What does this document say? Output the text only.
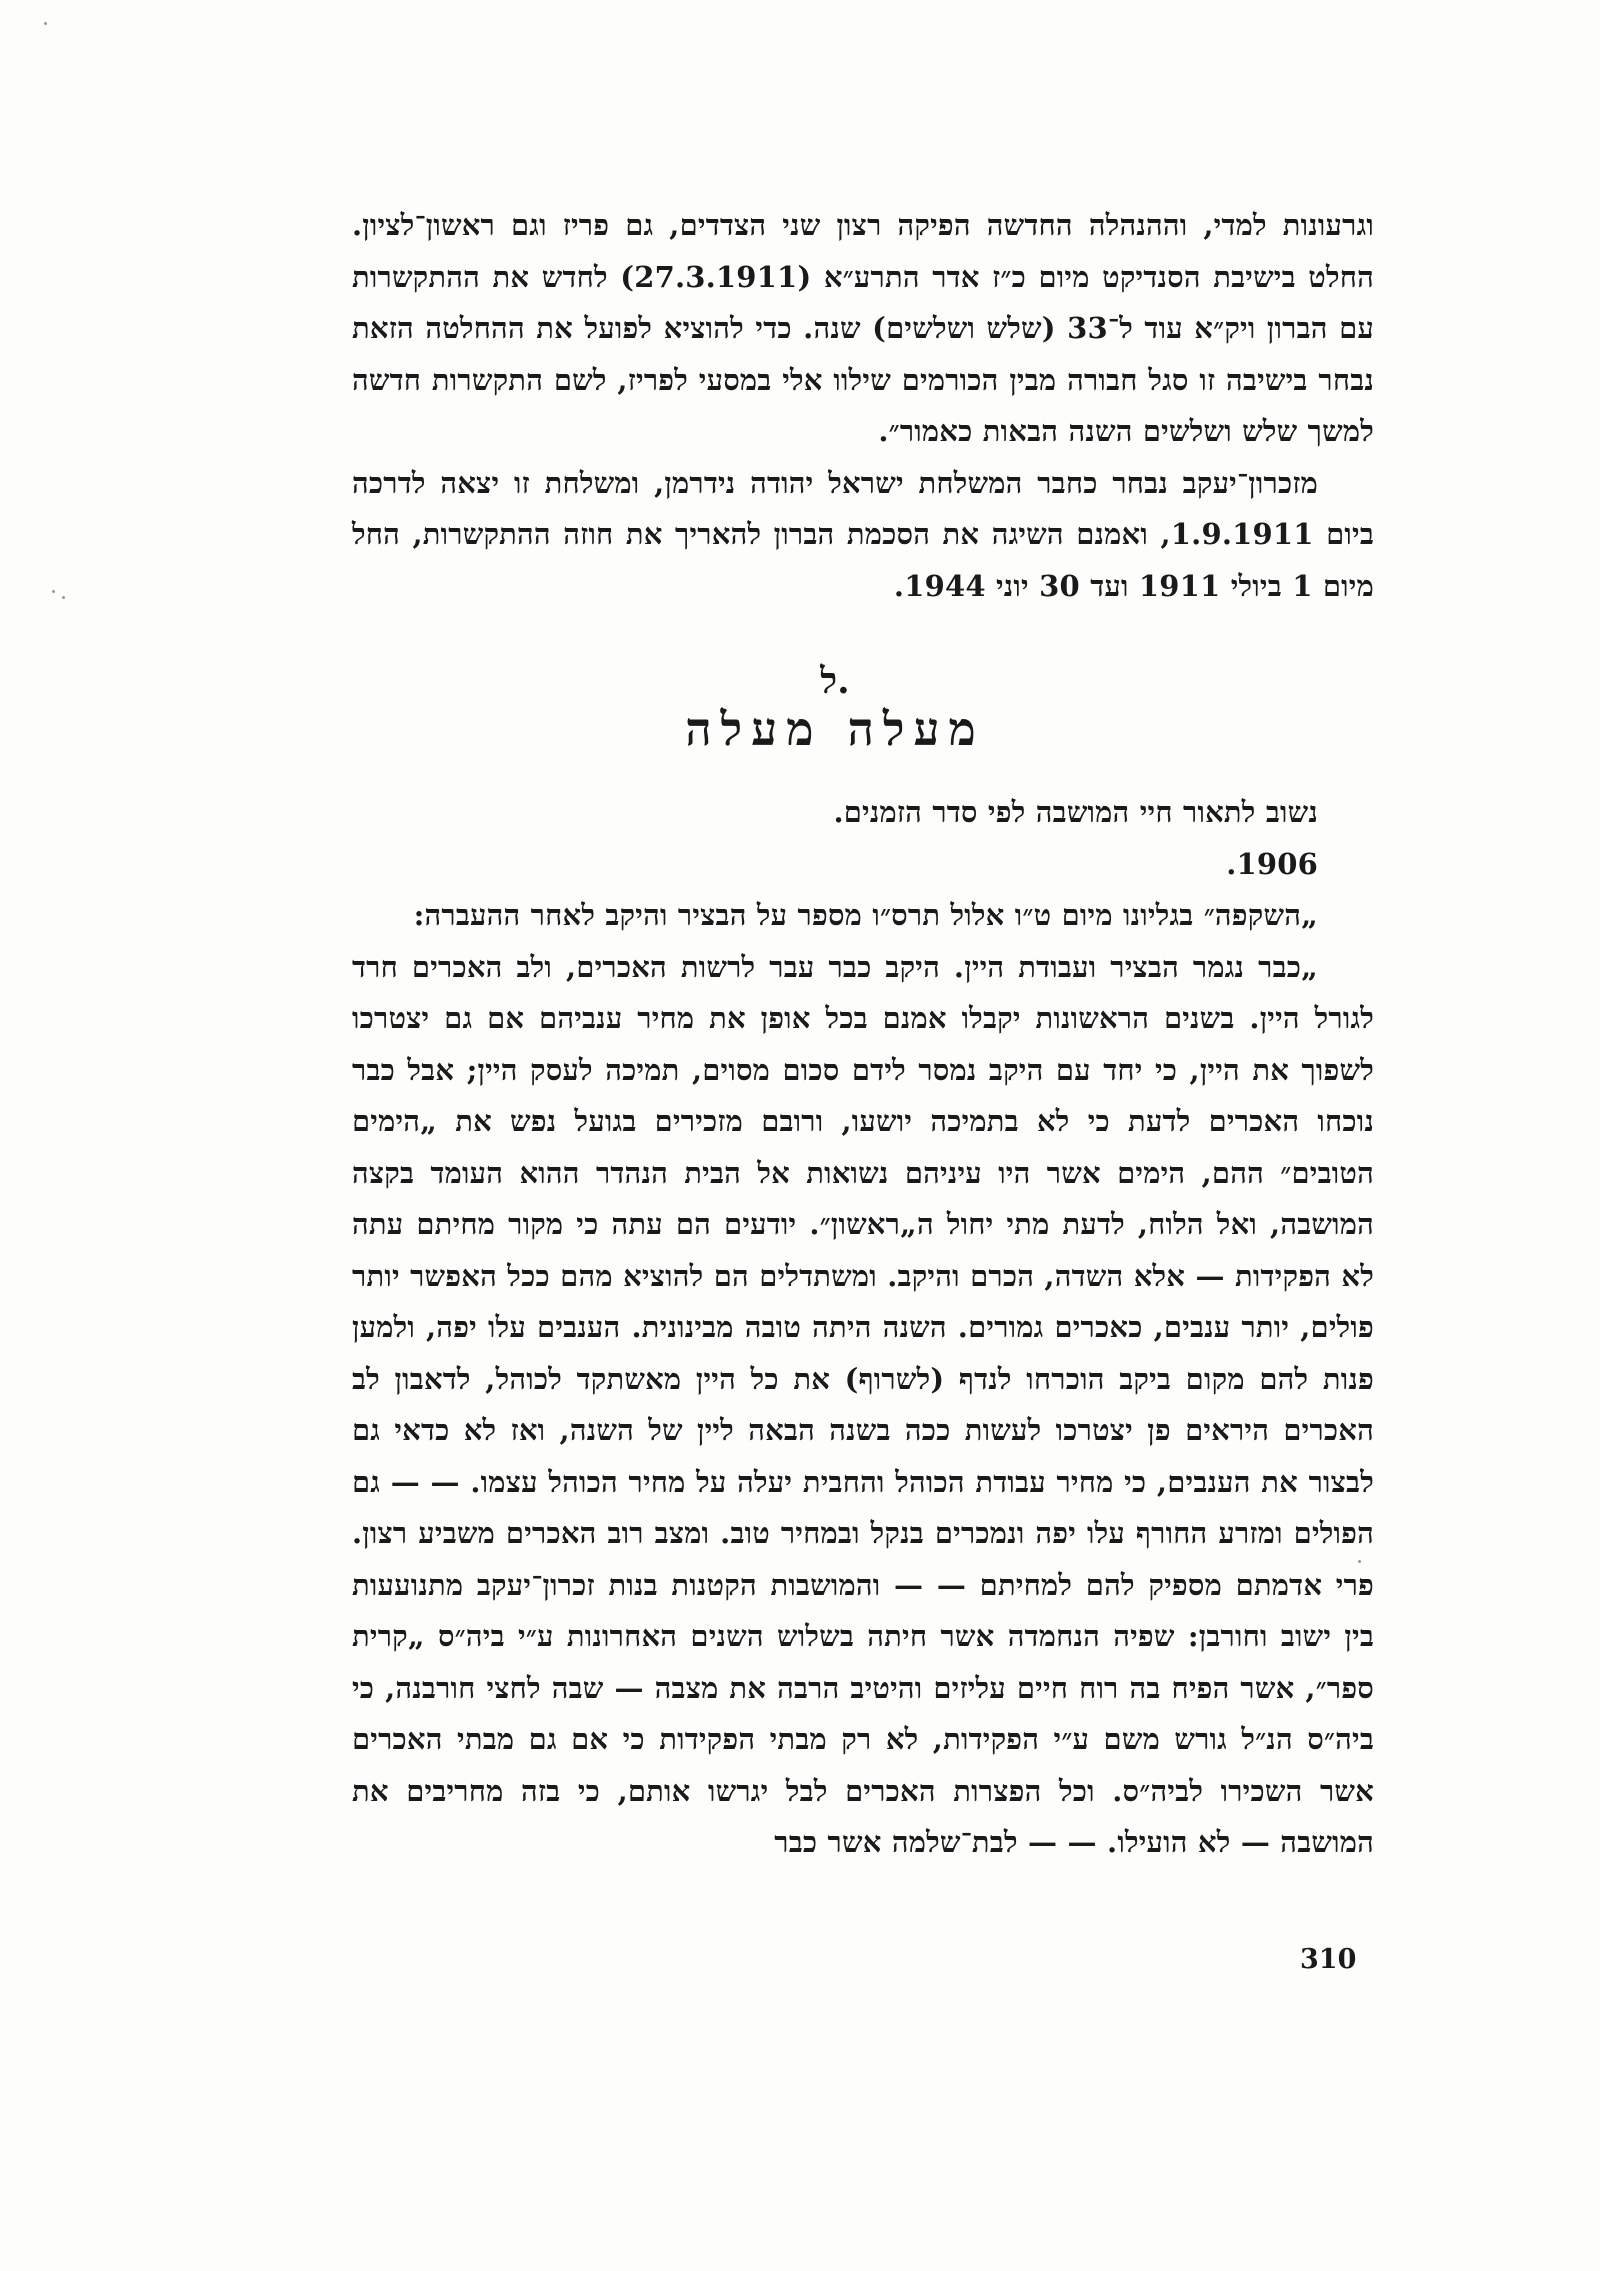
וגרעונות למדי, וההנהלה החדשה הפיקה רצון שני הצדדים, גם פריז וגם ראשון־לציון. החלט בישיבת הסנדיקט מיום כ״ז אדר התרע״א (27.3.1911) לחדש את ההתקשרות עם הברון ויק״א עוד ל־33 (שלש ושלשים) שנה. כדי להוציא לפועל את ההחלטה הזאת נבחר בישיבה זו סגל חבורה מבין הכורמים שילוו אלי במסעי לפריז, לשם התקשרות חדשה למשך שלש ושלשים השנה הבאות כאמור״.

מזכרון־יעקב נבחר כחבר המשלחת ישראל יהודה נידרמן, ומשלחת זו יצאה לדרכה ביום 1.9.1911, ואמנם השיגה את הסכמת הברון להאריך את חוזה ההתקשרות, החל מיום 1 ביולי 1911 ועד 30 יוני 1944.

ל.
מעלה מעלה

נשוב לתאור חיי המושבה לפי סדר הזמנים.

1906.

„השקפה״ בגליונו מיום ט״ו אלול תרס״ו מספר על הבציר והיקב לאחר ההעברה:

„כבר נגמר הבציר ועבודת היין. היקב כבר עבר לרשות האכרים, ולב האכרים חרד לגורל היין. בשנים הראשונות יקבלו אמנם בכל אופן את מחיר ענביהם אם גם יצטרכו לשפוך את היין, כי יחד עם היקב נמסר לידם סכום מסוים, תמיכה לעסק היין; אבל כבר נוכחו האכרים לדעת כי לא בתמיכה יושעו, ורובם מזכירים בגועל נפש את „הימים הטובים״ ההם, הימים אשר היו עיניהם נשואות אל הבית הנהדר ההוא העומד בקצה המושבה, ואל הלוח, לדעת מתי יחול ה„ראשון״. יודעים הם עתה כי מקור מחיתם עתה לא הפקידות — אלא השדה, הכרם והיקב. ומשתדלים הם להוציא מהם ככל האפשר יותר פולים, יותר ענבים, כאכרים גמורים. השנה היתה טובה מבינונית. הענבים עלו יפה, ולמען פנות להם מקום ביקב הוכרחו לנדף (לשרוף) את כל היין מאשתקד לכוהל, לדאבון לב האכרים היראים פן יצטרכו לעשות ככה בשנה הבאה ליין של השנה, ואז לא כדאי גם לבצור את הענבים, כי מחיר עבודת הכוהל והחבית יעלה על מחיר הכוהל עצמו. — — גם הפולים ומזרע החורף עלו יפה ונמכרים בנקל ובמחיר טוב. ומצב רוב האכרים משביע רצון. פרי אדמתם מספיק להם למחיתם — — והמושבות הקטנות בנות זכרון־יעקב מתנועעות בין ישוב וחורבן: שפיה הנחמדה אשר חיתה בשלוש השנים האחרונות ע״י ביה״ס „קרית ספר״, אשר הפיח בה רוח חיים עליזים והיטיב הרבה את מצבה — שבה לחצי חורבנה, כי ביה״ס הנ״ל גורש משם ע״י הפקידות, לא רק מבתי הפקידות כי אם גם מבתי האכרים אשר השכירו לביה״ס. וכל הפצרות האכרים לבל יגרשו אותם, כי בזה מחריבים את המושבה — לא הועילו. — — לבת־שלמה אשר כבר

310
